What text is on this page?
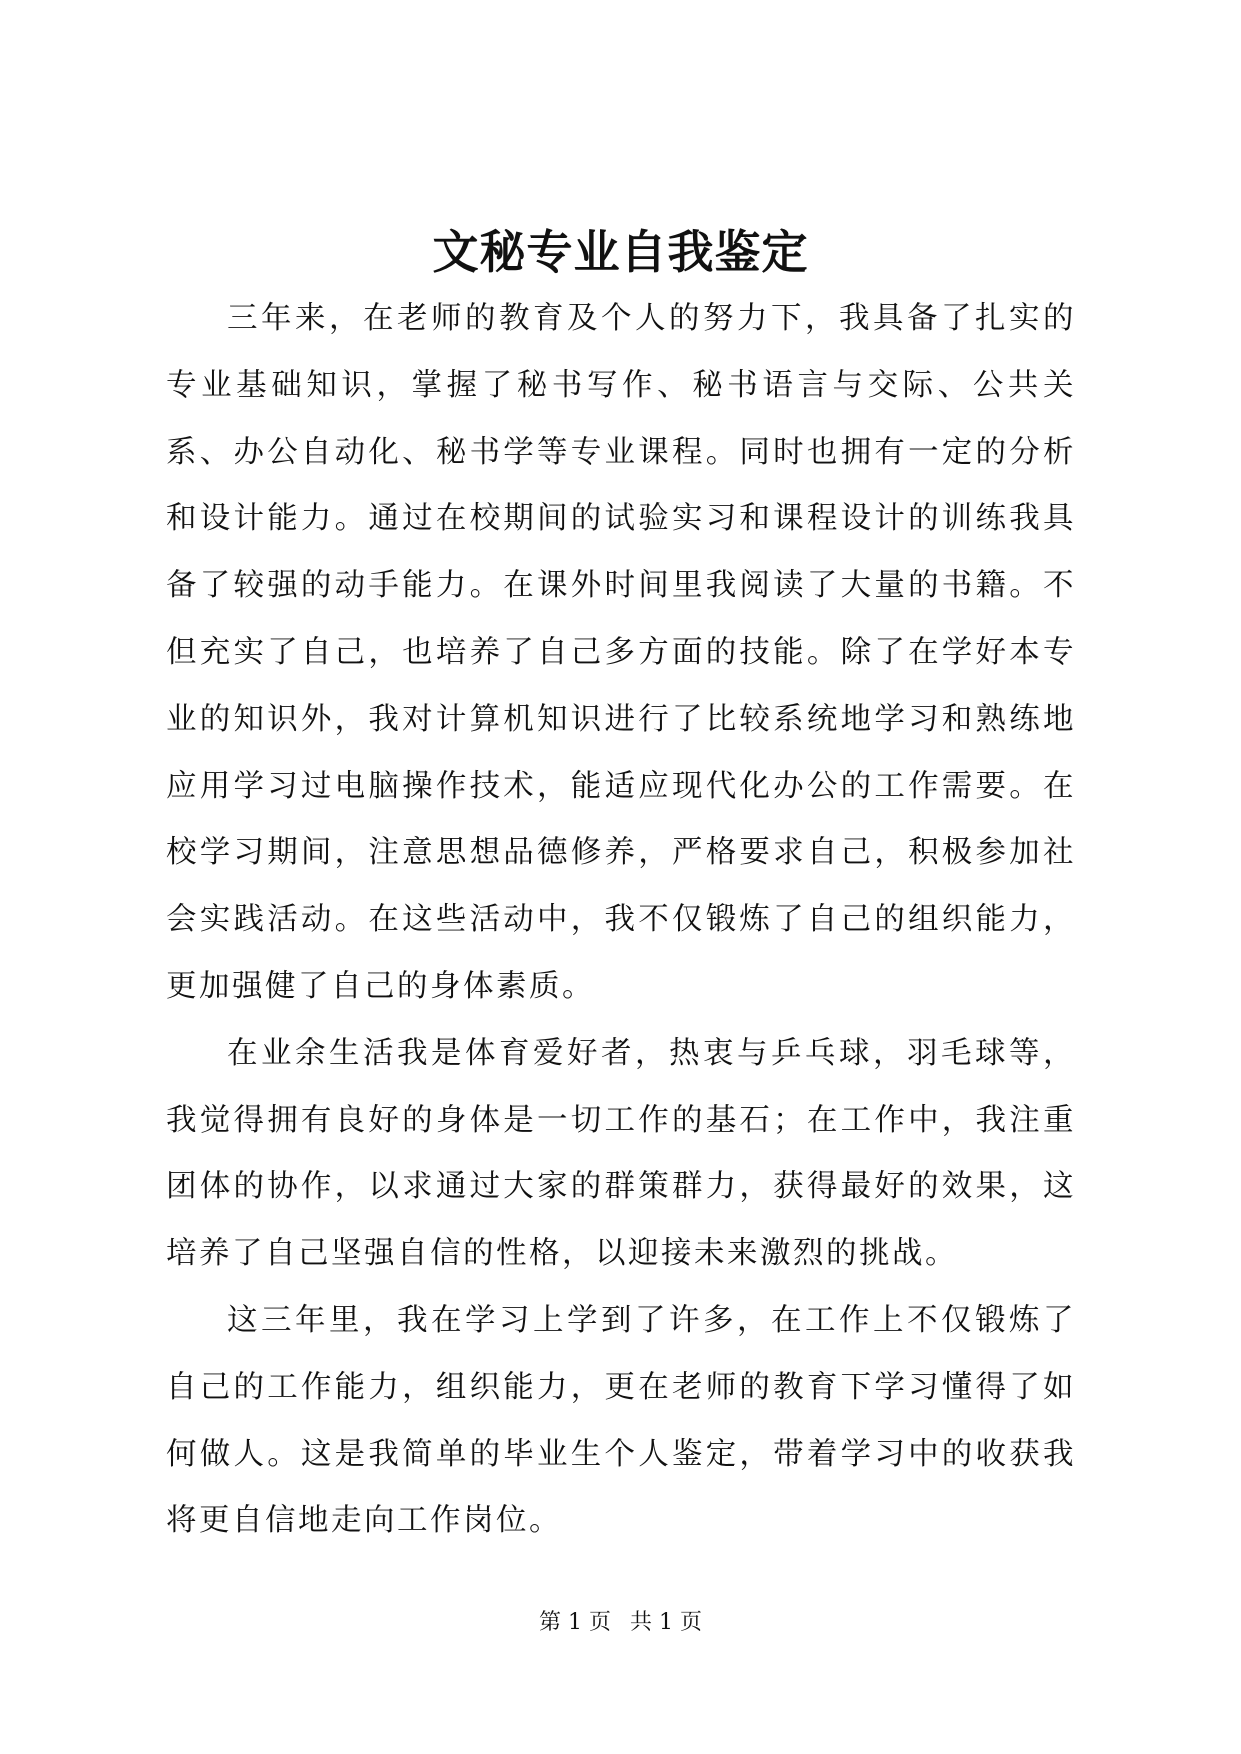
文秘专业自我鉴定

三年来，在老师的教育及个人的努力下，我具备了扎实的专业基础知识，掌握了秘书写作、秘书语言与交际、公共关系、办公自动化、秘书学等专业课程。同时也拥有一定的分析和设计能力。通过在校期间的试验实习和课程设计的训练我具备了较强的动手能力。在课外时间里我阅读了大量的书籍。不但充实了自己，也培养了自己多方面的技能。除了在学好本专业的知识外，我对计算机知识进行了比较系统地学习和熟练地应用学习过电脑操作技术，能适应现代化办公的工作需要。在校学习期间，注意思想品德修养，严格要求自己，积极参加社会实践活动。在这些活动中，我不仅锻炼了自己的组织能力，更加强健了自己的身体素质。

在业余生活我是体育爱好者，热衷与乒乓球，羽毛球等，我觉得拥有良好的身体是一切工作的基石；在工作中，我注重团体的协作，以求通过大家的群策群力，获得最好的效果，这培养了自己坚强自信的性格，以迎接未来激烈的挑战。

这三年里，我在学习上学到了许多，在工作上不仅锻炼了自己的工作能力，组织能力，更在老师的教育下学习懂得了如何做人。这是我简单的毕业生个人鉴定，带着学习中的收获我将更自信地走向工作岗位。

第 1 页 共 1 页
